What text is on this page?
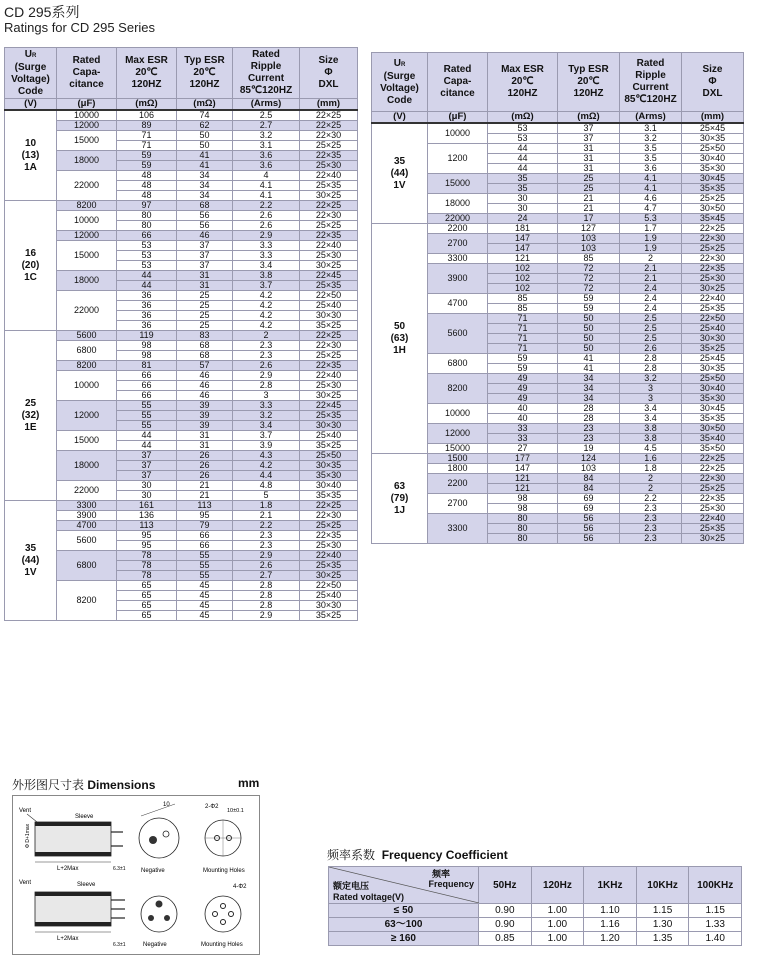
CD 295系列
Ratings for CD 295 Series
UR
(Surge
Voltage)
Code	Rated
Capa-
citance	Max ESR
20℃
120HZ	Typ ESR
20℃
120HZ	Rated
Ripple
Current
85℃120HZ	Size
Φ
DXL
(V)	(μF)	(mΩ)	(mΩ)	(Arms)	(mm)
10
(13)
1A	10000	106	74	2.5	22×25
	12000	89	62	2.7	22×25
	15000	71	50	3.2	22×30
		71	50	3.1	25×25
	18000	59	41	3.6	22×35
		59	41	3.6	25×30
	22000	48	34	4	22×40
		48	34	4.1	25×35
		48	34	4.1	30×25
16
(20)
1C	8200	97	68	2.2	22×25
	10000	80	56	2.6	22×30
		80	56	2.6	25×25
	12000	66	46	2.9	22×35
	15000	53	37	3.3	22×40
		53	37	3.3	25×30
		53	37	3.4	30×25
	18000	44	31	3.8	22×45
		44	31	3.7	25×35
	22000	36	25	4.2	22×50
		36	25	4.2	25×40
		36	25	4.2	30×30
		36	25	4.2	35×25
25
(32)
1E	5600	119	83	2	22×25
	6800	98	68	2.3	22×30
		98	68	2.3	25×25
	8200	81	57	2.6	22×35
	10000	66	46	2.9	22×40
		66	46	2.8	25×30
		66	46	3	30×25
	12000	55	39	3.3	22×45
		55	39	3.2	25×35
		55	39	3.4	30×30
	15000	44	31	3.7	25×40
		44	31	3.9	35×25
	18000	37	26	4.3	25×50
		37	26	4.2	30×35
		37	26	4.4	35×30
	22000	30	21	4.8	30×40
		30	21	5	35×35
35
(44)
1V	3300	161	113	1.8	22×25
	3900	136	95	2.1	22×30
	4700	113	79	2.2	25×25
	5600	95	66	2.3	22×35
		95	66	2.3	25×30
	6800	78	55	2.9	22×40
		78	55	2.6	25×35
		78	55	2.7	30×25
	8200	65	45	2.8	22×50
		65	45	2.8	25×40
		65	45	2.8	30×30
		65	45	2.9	35×25
UR
(Surge
Voltage)
Code	Rated
Capa-
citance	Max ESR
20℃
120HZ	Typ ESR
20℃
120HZ	Rated
Ripple
Current
85℃120HZ	Size
Φ
DXL
(V)	(μF)	(mΩ)	(mΩ)	(Arms)	(mm)
35
(44)
1V	10000	53	37	3.1	25×45
		53	37	3.2	30×35
	1200	44	31	3.5	25×50
		44	31	3.5	30×40
		44	31	3.6	35×30
	15000	35	25	4.1	30×45
		35	25	4.1	35×35
	18000	30	21	4.6	25×25
		30	21	4.7	30×50
	22000	24	17	5.3	35×45
50
(63)
1H	2200	181	127	1.7	22×25
	2700	147	103	1.9	22×30
		147	103	1.9	25×25
	3300	121	85	2	22×30
	3900	102	72	2.1	22×35
		102	72	2.1	25×30
		102	72	2.4	30×25
	4700	85	59	2.4	22×40
		85	59	2.4	25×35
	5600	71	50	2.5	22×50
		71	50	2.5	25×40
		71	50	2.5	30×30
		71	50	2.6	35×25
	6800	59	41	2.8	25×45
		59	41	2.8	30×35
	8200	49	34	3.2	25×50
		49	34	3	30×40
		49	34	3	35×30
	10000	40	28	3.4	30×45
		40	28	3.4	35×35
	12000	33	23	3.8	30×50
		33	23	3.8	35×40
	15000	27	19	4.5	35×50
63
(79)
1J	1500	177	124	1.6	22×25
	1800	147	103	1.8	22×25
	2200	121	84	2	22×30
		121	84	2	25×25
	2700	98	69	2.2	22×35
		98	69	2.3	25×30
	3300	80	56	2.3	22×40
		80	56	2.3	25×35
		80	56	2.3	30×25
外形图尺寸表 Dimensions	mm
Vent
Sleeve
L+2Max	6.3±1
Φ D+1max
10
Negative
2-Φ2
10±0.1
Mounting Holes
Vent	Sleeve
L+2Max
6.3±1	Negative
4-Φ2
Mounting Holes
频率系数 Frequency Coefficient
频率
Frequency
额定电压
Rated voltage(V)	50Hz	120Hz	1KHz	10KHz	100KHz
≤ 50	0.90	1.00	1.10	1.15	1.15
63～100	0.90	1.00	1.16	1.30	1.33
≥ 160	0.85	1.00	1.20	1.35	1.40
